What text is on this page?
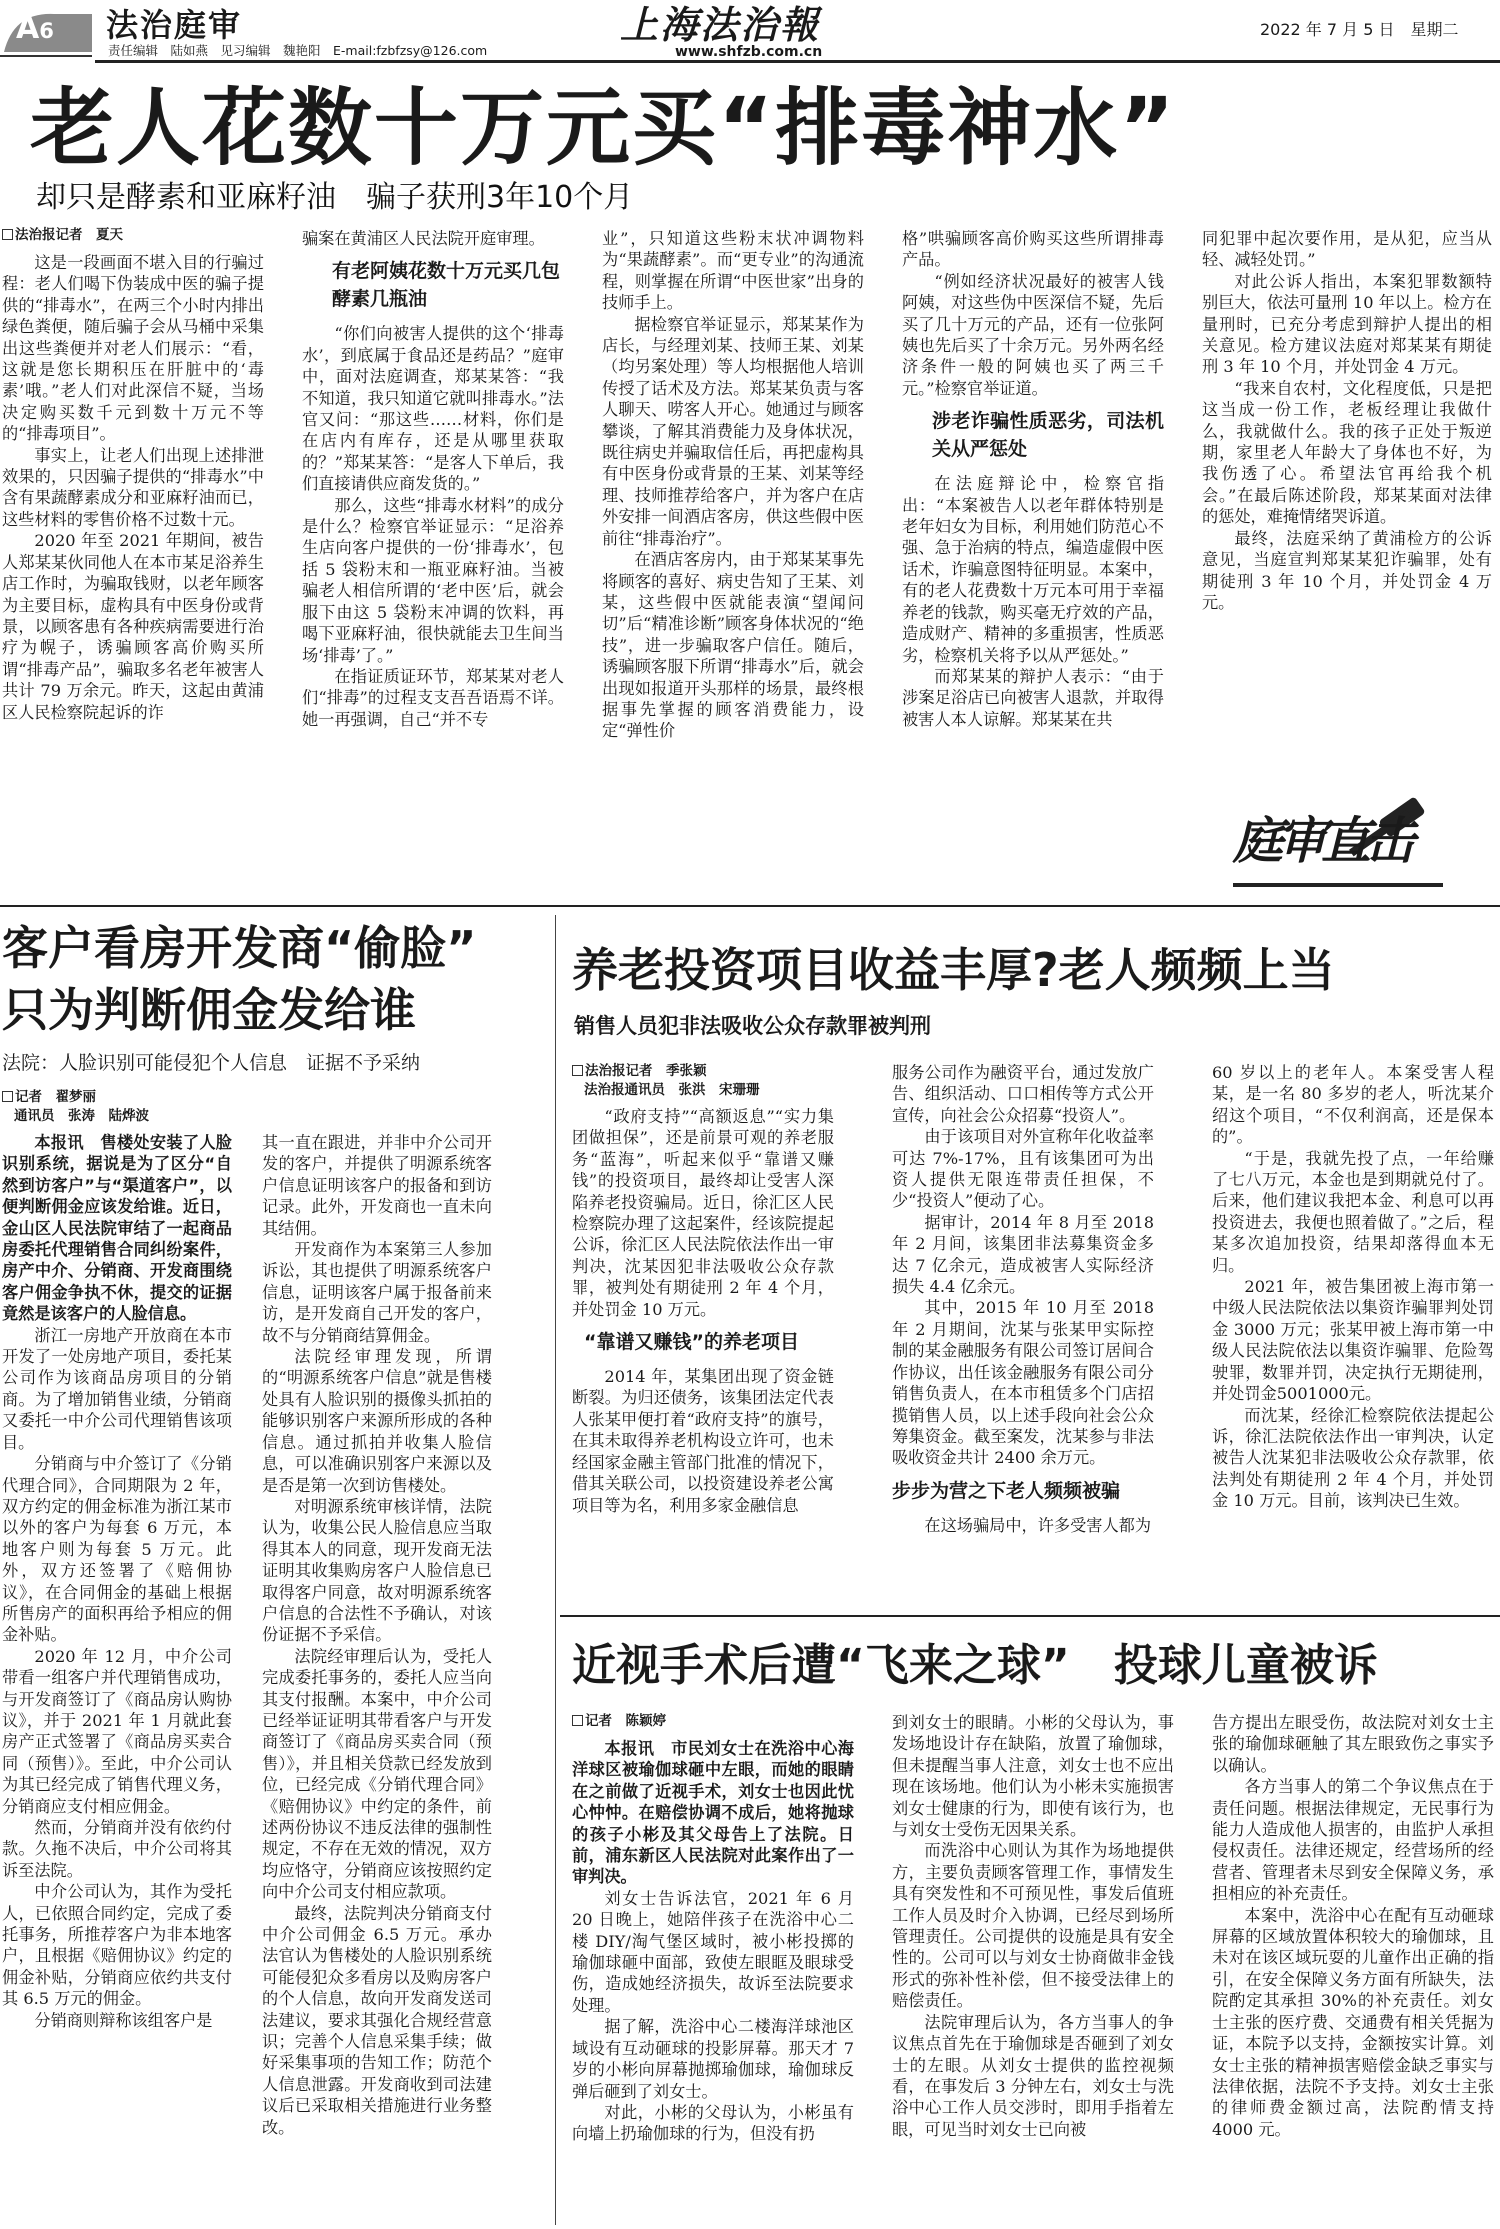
A6 法治庭审
责任编辑　陆如燕　见习编辑　魏艳阳　E-mail:fzbfzsy@126.com
上海法治報
www.shfzb.com.cn
2022 年 7 月 5 日　星期二
老人花数十万元买“排毒神水”
却只是酵素和亚麻籽油　骗子获刑3年10个月
法治报记者　夏天

这是一段画面不堪入目的行骗过程：老人们喝下伪装成中医的骗子提供的“排毒水”，在两三个小时内排出绿色粪便，随后骗子会从马桶中采集出这些粪便并对老人们展示：“看，这就是您长期积压在肝脏中的‘毒素’哦。”老人们对此深信不疑，当场决定购买数千元到数十万元不等的“排毒项目”。

事实上，让老人们出现上述排泄效果的，只因骗子提供的“排毒水”中含有果蔬酵素成分和亚麻籽油而已，这些材料的零售价格不过数十元。

2020 年至 2021 年期间，被告人郑某某伙同他人在本市某足浴养生店工作时，为骗取钱财，以老年顾客为主要目标，虚构具有中医身份或背景，以顾客患有各种疾病需要进行治疗为幌子，诱骗顾客高价购买所谓“排毒产品”，骗取多名老年被害人共计 79 万余元。昨天，这起由黄浦区人民检察院起诉的诈

骗案在黄浦区人民法院开庭审理。
有老阿姨花数十万元买几包酵素几瓶油

“你们向被害人提供的这个‘排毒水’，到底属于食品还是药品？”庭审中，面对法庭调查，郑某某答：“我不知道，我只知道它就叫排毒水。”法官又问：“那这些……材料，你们是在店内有库存，还是从哪里获取的？”郑某某答：“是客人下单后，我们直接请供应商发货的。”

那么，这些“排毒水材料”的成分是什么？检察官举证显示：“足浴养生店向客户提供的一份‘排毒水’，包括 5 袋粉末和一瓶亚麻籽油。当被骗老人相信所谓的‘老中医’后，就会服下由这 5 袋粉末冲调的饮料，再喝下亚麻籽油，很快就能去卫生间当场‘排毒’了。”

在指证质证环节，郑某某对老人们“排毒”的过程支支吾吾语焉不详。她一再强调，自己“并不专

业”，只知道这些粉末状冲调物料为“果蔬酵素”。而“更专业”的沟通流程，则掌握在所谓“中医世家”出身的技师手上。

据检察官举证显示，郑某某作为店长，与经理刘某、技师王某、刘某（均另案处理）等人均根据他人培训传授了话术及方法。郑某某负责与客人聊天、唠客人开心。她通过与顾客攀谈，了解其消费能力及身体状况，既往病史并骗取信任后，再把虚构具有中医身份或背景的王某、刘某等经理、技师推荐给客户，并为客户在店外安排一间酒店客房，供这些假中医前往“排毒治疗”。

在酒店客房内，由于郑某某事先将顾客的喜好、病史告知了王某、刘某，这些假中医就能表演“望闻问切”后“精准诊断”顾客身体状况的“绝技”，进一步骗取客户信任。随后，诱骗顾客服下所谓“排毒水”后，就会出现如报道开头那样的场景，最终根据事先掌握的顾客消费能力，设定“弹性价

格”哄骗顾客高价购买这些所谓排毒产品。

“例如经济状况最好的被害人钱阿姨，对这些伪中医深信不疑，先后买了几十万元的产品，还有一位张阿姨也先后买了十余万元。另外两名经济条件一般的阿姨也买了两三千元。”检察官举证道。

涉老诈骗性质恶劣，司法机关从严惩处

在法庭辩论中，检察官指出：“本案被告人以老年群体特别是老年妇女为目标，利用她们防范心不强、急于治病的特点，编造虚假中医话术，诈骗意图特征明显。本案中，有的老人花费数十万元本可用于幸福养老的钱款，购买毫无疗效的产品，造成财产、精神的多重损害，性质恶劣，检察机关将予以从严惩处。”

而郑某某的辩护人表示：“由于涉案足浴店已向被害人退款，并取得被害人本人谅解。郑某某在共

同犯罪中起次要作用，是从犯，应当从轻、减轻处罚。”

对此公诉人指出，本案犯罪数额特别巨大，依法可量刑 10 年以上。检方在量刑时，已充分考虑到辩护人提出的相关意见。检方建议法庭对郑某某有期徒刑 3 年 10 个月，并处罚金 4 万元。

“我来自农村，文化程度低，只是把这当成一份工作，老板经理让我做什么，我就做什么。我的孩子正处于叛逆期，家里老人年龄大了身体也不好，为我伤透了心。希望法官再给我个机会。”在最后陈述阶段，郑某某面对法律的惩处，难掩情绪哭诉道。

最终，法庭采纳了黄浦检方的公诉意见，当庭宣判郑某某犯诈骗罪，处有期徒刑 3 年 10 个月，并处罚金 4 万元。

庭审直击
客户看房开发商“偷脸”
只为判断佣金发给谁
法院：人脸识别可能侵犯个人信息　证据不予采纳
记者　翟梦丽
通讯员　张涛　陆烨波

本报讯　售楼处安装了人脸识别系统，据说是为了区分“自然到访客户”与“渠道客户”，以便判断佣金应该发给谁。近日，金山区人民法院审结了一起商品房委托代理销售合同纠纷案件，房产中介、分销商、开发商围绕客户佣金争执不休，提交的证据竟然是该客户的人脸信息。

浙江一房地产开放商在本市开发了一处房地产项目，委托某公司作为该商品房项目的分销商。为了增加销售业绩，分销商又委托一中介公司代理销售该项目。

分销商与中介签订了《分销代理合同》，合同期限为 2 年，双方约定的佣金标准为浙江某市以外的客户为每套 6 万元，本地客户则为每套 5 万元。此外，双方还签署了《赔佣协议》，在合同佣金的基础上根据所售房产的面积再给予相应的佣金补贴。

2020 年 12 月，中介公司带看一组客户并代理销售成功，与开发商签订了《商品房认购协议》，并于 2021 年 1 月就此套房产正式签署了《商品房买卖合同（预售）》。至此，中介公司认为其已经完成了销售代理义务，分销商应支付相应佣金。

然而，分销商并没有依约付款。久拖不决后，中介公司将其诉至法院。

中介公司认为，其作为受托人，已依照合同约定，完成了委托事务，所推荐客户为非本地客户，且根据《赔佣协议》约定的佣金补贴，分销商应依约共支付其 6.5 万元的佣金。

分销商则辩称该组客户是

其一直在跟进，并非中介公司开发的客户，并提供了明源系统客户信息证明该客户的报备和到访记录。此外，开发商也一直未向其结佣。

开发商作为本案第三人参加诉讼，其也提供了明源系统客户信息，证明该客户属于报备前来访，是开发商自己开发的客户，故不与分销商结算佣金。

法院经审理发现，所谓的“明源系统客户信息”就是售楼处具有人脸识别的摄像头抓拍的能够识别客户来源所形成的各种信息。通过抓拍并收集人脸信息，可以准确识别客户来源以及是否是第一次到访售楼处。

对明源系统审核详情，法院认为，收集公民人脸信息应当取得其本人的同意，现开发商无法证明其收集购房客户人脸信息已取得客户同意，故对明源系统客户信息的合法性不予确认，对该份证据不予采信。

法院经审理后认为，受托人完成委托事务的，委托人应当向其支付报酬。本案中，中介公司已经举证证明其带看客户与开发商签订了《商品房买卖合同（预售）》，并且相关贷款已经发放到位，已经完成《分销代理合同》《赔佣协议》中约定的条件，前述两份协议不违反法律的强制性规定，不存在无效的情况，双方均应恪守，分销商应该按照约定向中介公司支付相应款项。

最终，法院判决分销商支付中介公司佣金 6.5 万元。承办法官认为售楼处的人脸识别系统可能侵犯众多看房以及购房客户的个人信息，故向开发商发送司法建议，要求其强化合规经营意识；完善个人信息采集手续；做好采集事项的告知工作；防范个人信息泄露。开发商收到司法建议后已采取相关措施进行业务整改。

养老投资项目收益丰厚?老人频频上当
销售人员犯非法吸收公众存款罪被判刑
法治报记者　季张颖
法治报通讯员　张洪　宋珊珊

“政府支持”“高额返息”“实力集团做担保”，还是前景可观的养老服务“蓝海”，听起来似乎“靠谱又赚钱”的投资项目，最终却让受害人深陷养老投资骗局。近日，徐汇区人民检察院办理了这起案件，经该院提起公诉，徐汇区人民法院依法作出一审判决，沈某因犯非法吸收公众存款罪，被判处有期徒刑 2 年 4 个月，并处罚金 10 万元。

“靠谱又赚钱”的养老项目

2014 年，某集团出现了资金链断裂。为归还债务，该集团法定代表人张某甲便打着“政府支持”的旗号，在其未取得养老机构设立许可，也未经国家金融主管部门批准的情况下，借其关联公司，以投资建设养老公寓项目等为名，利用多家金融信息

服务公司作为融资平台，通过发放广告、组织活动、口口相传等方式公开宣传，向社会公众招募“投资人”。

由于该项目对外宣称年化收益率可达 7%-17%，且有该集团可为出资人提供无限连带责任担保，不少“投资人”便动了心。

据审计，2014 年 8 月至 2018 年 2 月间，该集团非法募集资金多达 7 亿余元，造成被害人实际经济损失 4.4 亿余元。

其中，2015 年 10 月至 2018 年 2 月期间，沈某与张某甲实际控制的某金融服务有限公司签订居间合作协议，出任该金融服务有限公司分销售负责人，在本市租赁多个门店招揽销售人员，以上述手段向社会公众筹集资金。截至案发，沈某参与非法吸收资金共计 2400 余万元。

步步为营之下老人频频被骗

在这场骗局中，许多受害人都为

60 岁以上的老年人。本案受害人程某，是一名 80 多岁的老人，听沈某介绍这个项目，“不仅利润高，还是保本的”。

“于是，我就先投了点，一年给赚了七八万元，本金也是到期就兑付了。后来，他们建议我把本金、利息可以再投资进去，我便也照着做了。”之后，程某多次追加投资，结果却落得血本无归。

2021 年，被告集团被上海市第一中级人民法院依法以集资诈骗罪判处罚金 3000 万元；张某甲被上海市第一中级人民法院依法以集资诈骗罪、危险驾驶罪，数罪并罚，决定执行无期徒刑，并处罚金5001000元。

而沈某，经徐汇检察院依法提起公诉，徐汇法院依法作出一审判决，认定被告人沈某犯非法吸收公众存款罪，依法判处有期徒刑 2 年 4 个月，并处罚金 10 万元。目前，该判决已生效。

近视手术后遭“飞来之球”　投球儿童被诉
记者　陈颖婷

本报讯　市民刘女士在洗浴中心海洋球区被瑜伽球砸中左眼，而她的眼睛在之前做了近视手术，刘女士也因此忧心忡忡。在赔偿协调不成后，她将抛球的孩子小彬及其父母告上了法院。日前，浦东新区人民法院对此案作出了一审判决。

刘女士告诉法官，2021 年 6 月 20 日晚上，她陪伴孩子在洗浴中心二楼 DIY/淘气堡区域时，被小彬投掷的瑜伽球砸中面部，致使左眼眶及眼球受伤，造成她经济损失，故诉至法院要求处理。

据了解，洗浴中心二楼海洋球池区域设有互动砸球的投影屏幕。那天才 7 岁的小彬向屏幕抛掷瑜伽球，瑜伽球反弹后砸到了刘女士。

对此，小彬的父母认为，小彬虽有向墙上扔瑜伽球的行为，但没有扔

到刘女士的眼睛。小彬的父母认为，事发场地设计存在缺陷，放置了瑜伽球，但未提醒当事人注意，刘女士也不应出现在该场地。他们认为小彬未实施损害刘女士健康的行为，即使有该行为，也与刘女士受伤无因果关系。

而洗浴中心则认为其作为场地提供方，主要负责顾客管理工作，事情发生具有突发性和不可预见性，事发后值班工作人员及时介入协调，已经尽到场所管理责任。公司提供的设施是具有安全性的。公司可以与刘女士协商做非金钱形式的弥补性补偿，但不接受法律上的赔偿责任。

法院审理后认为，各方当事人的争议焦点首先在于瑜伽球是否砸到了刘女士的左眼。从刘女士提供的监控视频看，在事发后 3 分钟左右，刘女士与洗浴中心工作人员交涉时，即用手指着左眼，可见当时刘女士已向被

告方提出左眼受伤，故法院对刘女士主张的瑜伽球砸触了其左眼致伤之事实予以确认。

各方当事人的第二个争议焦点在于责任问题。根据法律规定，无民事行为能力人造成他人损害的，由监护人承担侵权责任。法律还规定，经营场所的经营者、管理者未尽到安全保障义务，承担相应的补充责任。

本案中，洗浴中心在配有互动砸球屏幕的区域放置体积较大的瑜伽球，且未对在该区域玩耍的儿童作出正确的指引，在安全保障义务方面有所缺失，法院酌定其承担 30%的补充责任。刘女士主张的医疗费、交通费有相关凭据为证，本院予以支持，金额按实计算。刘女士主张的精神损害赔偿金缺乏事实与法律依据，法院不予支持。刘女士主张的律师费金额过高，法院酌情支持 4000 元。
